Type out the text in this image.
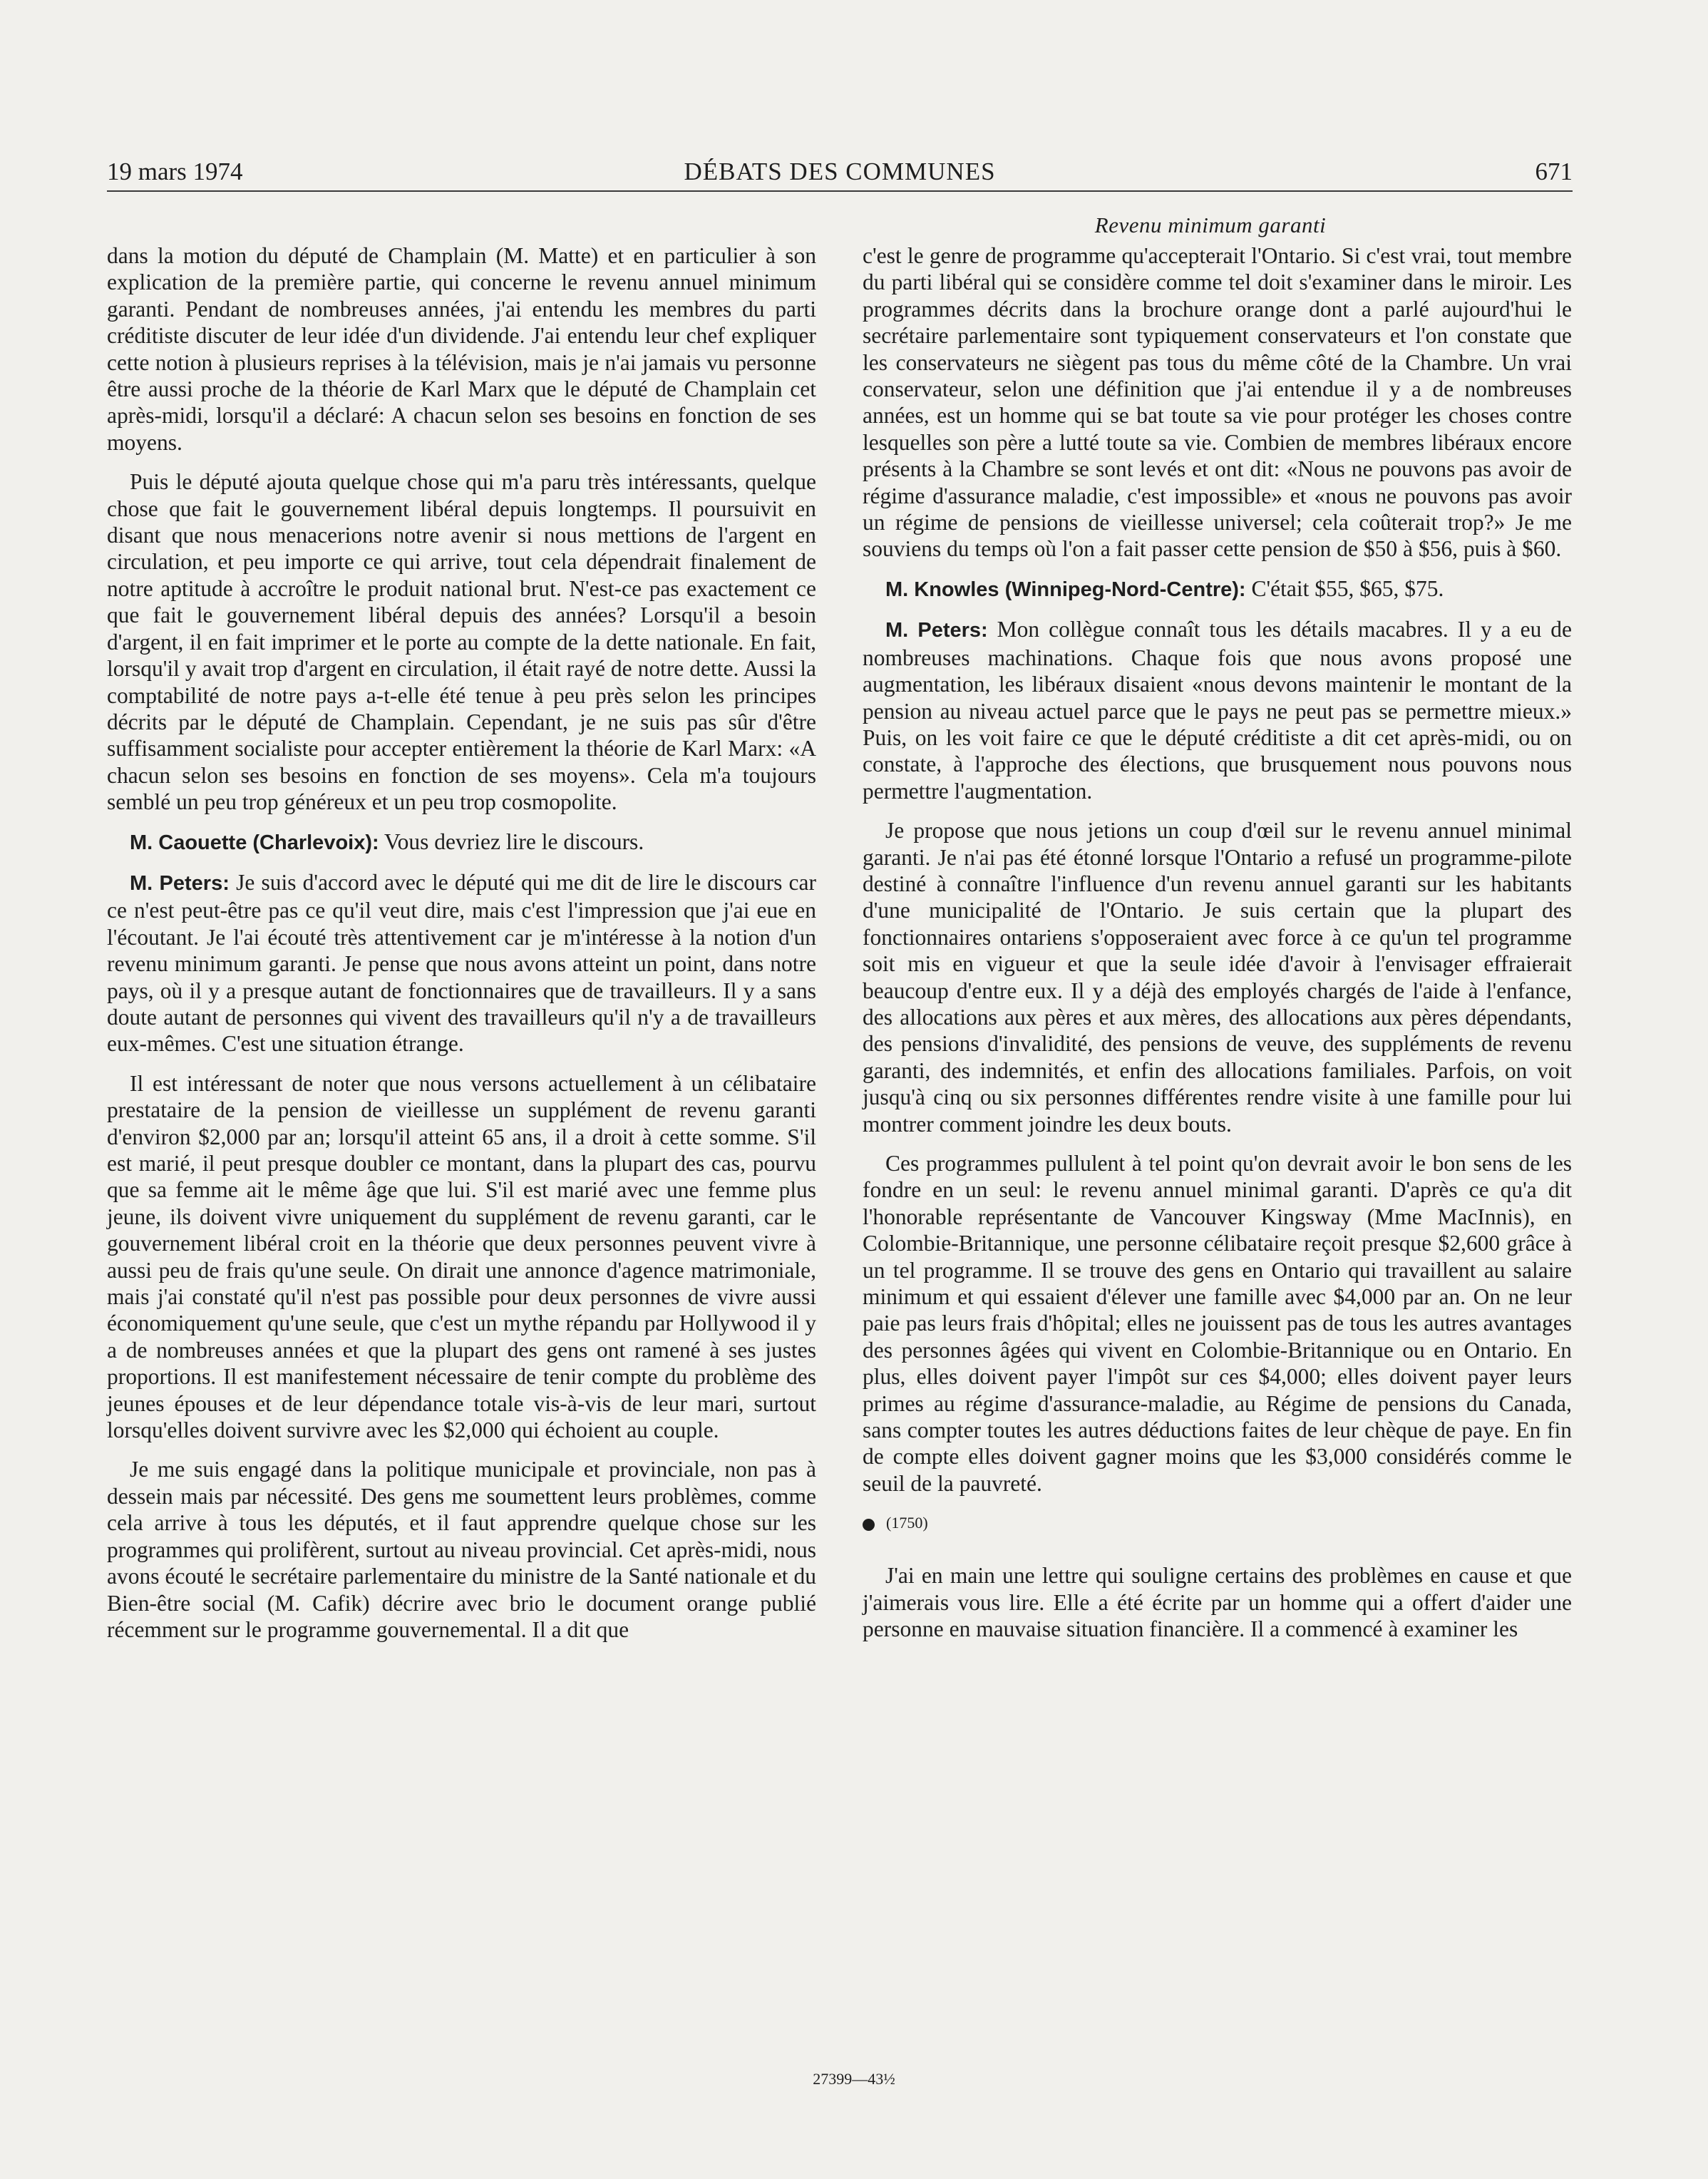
19 mars 1974	DÉBATS DES COMMUNES	671
Revenu minimum garanti

dans la motion du député de Champlain (M. Matte) et en particulier à son explication de la première partie, qui concerne le revenu annuel minimum garanti. Pendant de nombreuses années, j'ai entendu les membres du parti créditiste discuter de leur idée d'un dividende. J'ai entendu leur chef expliquer cette notion à plusieurs reprises à la télévision, mais je n'ai jamais vu personne être aussi proche de la théorie de Karl Marx que le député de Champlain cet après-midi, lorsqu'il a déclaré: A chacun selon ses besoins en fonction de ses moyens.

Puis le député ajouta quelque chose qui m'a paru très intéressants, quelque chose que fait le gouvernement libéral depuis longtemps. Il poursuivit en disant que nous menacerions notre avenir si nous mettions de l'argent en circulation, et peu importe ce qui arrive, tout cela dépendrait finalement de notre aptitude à accroître le produit national brut. N'est-ce pas exactement ce que fait le gouvernement libéral depuis des années? Lorsqu'il a besoin d'argent, il en fait imprimer et le porte au compte de la dette nationale. En fait, lorsqu'il y avait trop d'argent en circulation, il était rayé de notre dette. Aussi la comptabilité de notre pays a-t-elle été tenue à peu près selon les principes décrits par le député de Champlain. Cependant, je ne suis pas sûr d'être suffisamment socialiste pour accepter entièrement la théorie de Karl Marx: «A chacun selon ses besoins en fonction de ses moyens». Cela m'a toujours semblé un peu trop généreux et un peu trop cosmopolite.

M. Caouette (Charlevoix): Vous devriez lire le discours.

M. Peters: Je suis d'accord avec le député qui me dit de lire le discours car ce n'est peut-être pas ce qu'il veut dire, mais c'est l'impression que j'ai eue en l'écoutant. Je l'ai écouté très attentivement car je m'intéresse à la notion d'un revenu minimum garanti. Je pense que nous avons atteint un point, dans notre pays, où il y a presque autant de fonctionnaires que de travailleurs. Il y a sans doute autant de personnes qui vivent des travailleurs qu'il n'y a de travailleurs eux-mêmes. C'est une situation étrange.

Il est intéressant de noter que nous versons actuellement à un célibataire prestataire de la pension de vieillesse un supplément de revenu garanti d'environ $2,000 par an; lorsqu'il atteint 65 ans, il a droit à cette somme. S'il est marié, il peut presque doubler ce montant, dans la plupart des cas, pourvu que sa femme ait le même âge que lui. S'il est marié avec une femme plus jeune, ils doivent vivre uniquement du supplément de revenu garanti, car le gouvernement libéral croit en la théorie que deux personnes peuvent vivre à aussi peu de frais qu'une seule. On dirait une annonce d'agence matrimoniale, mais j'ai constaté qu'il n'est pas possible pour deux personnes de vivre aussi économiquement qu'une seule, que c'est un mythe répandu par Hollywood il y a de nombreuses années et que la plupart des gens ont ramené à ses justes proportions. Il est manifestement nécessaire de tenir compte du problème des jeunes épouses et de leur dépendance totale vis-à-vis de leur mari, surtout lorsqu'elles doivent survivre avec les $2,000 qui échoient au couple.

Je me suis engagé dans la politique municipale et provinciale, non pas à dessein mais par nécessité. Des gens me soumettent leurs problèmes, comme cela arrive à tous les députés, et il faut apprendre quelque chose sur les programmes qui prolifèrent, surtout au niveau provincial. Cet après-midi, nous avons écouté le secrétaire parlementaire du ministre de la Santé nationale et du Bien-être social (M. Cafik) décrire avec brio le document orange publié récemment sur le programme gouvernemental. Il a dit que

c'est le genre de programme qu'accepterait l'Ontario. Si c'est vrai, tout membre du parti libéral qui se considère comme tel doit s'examiner dans le miroir. Les programmes décrits dans la brochure orange dont a parlé aujourd'hui le secrétaire parlementaire sont typiquement conservateurs et l'on constate que les conservateurs ne siègent pas tous du même côté de la Chambre. Un vrai conservateur, selon une définition que j'ai entendue il y a de nombreuses années, est un homme qui se bat toute sa vie pour protéger les choses contre lesquelles son père a lutté toute sa vie. Combien de membres libéraux encore présents à la Chambre se sont levés et ont dit: «Nous ne pouvons pas avoir de régime d'assurance maladie, c'est impossible» et «nous ne pouvons pas avoir un régime de pensions de vieillesse universel; cela coûterait trop?» Je me souviens du temps où l'on a fait passer cette pension de $50 à $56, puis à $60.

M. Knowles (Winnipeg-Nord-Centre): C'était $55, $65, $75.

M. Peters: Mon collègue connaît tous les détails macabres. Il y a eu de nombreuses machinations. Chaque fois que nous avons proposé une augmentation, les libéraux disaient «nous devons maintenir le montant de la pension au niveau actuel parce que le pays ne peut pas se permettre mieux.» Puis, on les voit faire ce que le député créditiste a dit cet après-midi, ou on constate, à l'approche des élections, que brusquement nous pouvons nous permettre l'augmentation.

Je propose que nous jetions un coup d'œil sur le revenu annuel minimal garanti. Je n'ai pas été étonné lorsque l'Ontario a refusé un programme-pilote destiné à connaître l'influence d'un revenu annuel garanti sur les habitants d'une municipalité de l'Ontario. Je suis certain que la plupart des fonctionnaires ontariens s'opposeraient avec force à ce qu'un tel programme soit mis en vigueur et que la seule idée d'avoir à l'envisager effraierait beaucoup d'entre eux. Il y a déjà des employés chargés de l'aide à l'enfance, des allocations aux pères et aux mères, des allocations aux pères dépendants, des pensions d'invalidité, des pensions de veuve, des suppléments de revenu garanti, des indemnités, et enfin des allocations familiales. Parfois, on voit jusqu'à cinq ou six personnes différentes rendre visite à une famille pour lui montrer comment joindre les deux bouts.

Ces programmes pullulent à tel point qu'on devrait avoir le bon sens de les fondre en un seul: le revenu annuel minimal garanti. D'après ce qu'a dit l'honorable représentante de Vancouver Kingsway (Mme MacInnis), en Colombie-Britannique, une personne célibataire reçoit presque $2,600 grâce à un tel programme. Il se trouve des gens en Ontario qui travaillent au salaire minimum et qui essaient d'élever une famille avec $4,000 par an. On ne leur paie pas leurs frais d'hôpital; elles ne jouissent pas de tous les autres avantages des personnes âgées qui vivent en Colombie-Britannique ou en Ontario. En plus, elles doivent payer l'impôt sur ces $4,000; elles doivent payer leurs primes au régime d'assurance-maladie, au Régime de pensions du Canada, sans compter toutes les autres déductions faites de leur chèque de paye. En fin de compte elles doivent gagner moins que les $3,000 considérés comme le seuil de la pauvreté.

(1750)

J'ai en main une lettre qui souligne certains des problèmes en cause et que j'aimerais vous lire. Elle a été écrite par un homme qui a offert d'aider une personne en mauvaise situation financière. Il a commencé à examiner les

27399—43½
